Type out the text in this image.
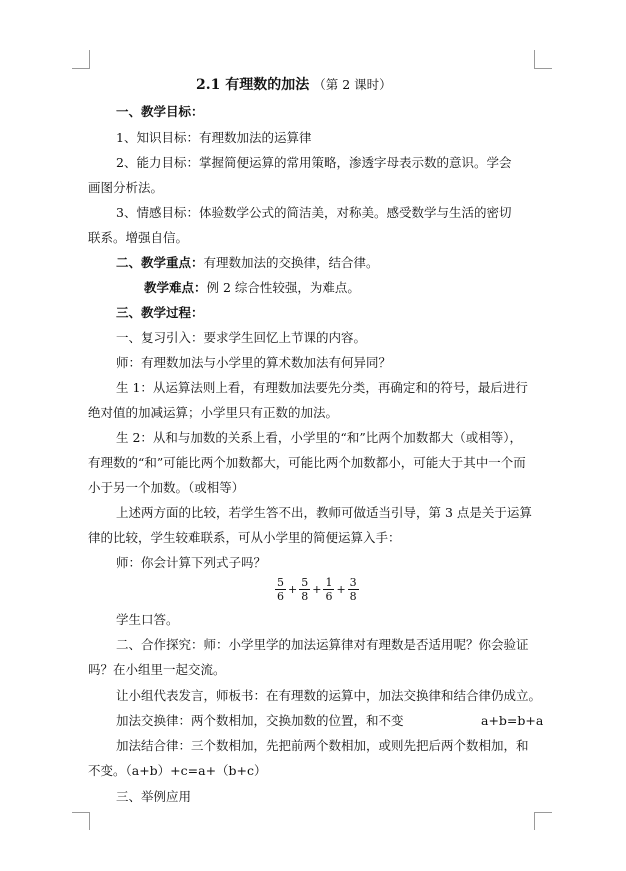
2.1 有理数的加法 （第 2 课时）
一、教学目标：
1、知识目标：有理数加法的运算律
2、能力目标：掌握简便运算的常用策略，渗透字母表示数的意识。学会
画图分析法。
3、情感目标：体验数学公式的简洁美，对称美。感受数学与生活的密切
联系。增强自信。
二、教学重点：有理数加法的交换律，结合律。
教学难点：例 2 综合性较强，为难点。
三、教学过程：
一、复习引入：要求学生回忆上节课的内容。
师：有理数加法与小学里的算术数加法有何异同？
生 1：从运算法则上看，有理数加法要先分类，再确定和的符号，最后进行
绝对值的加减运算；小学里只有正数的加法。
生 2：从和与加数的关系上看，小学里的“和”比两个加数都大（或相等），
有理数的“和”可能比两个加数都大，可能比两个加数都小，可能大于其中一个而
小于另一个加数。（或相等）
上述两方面的比较，若学生答不出，教师可做适当引导，第 3 点是关于运算
律的比较，学生较难联系，可从小学里的简便运算入手：
师：你会计算下列式子吗？
5
6
+
5
8
+
1
6
+
3
8
学生口答。
二、合作探究：师：小学里学的加法运算律对有理数是否适用呢？你会验证
吗？在小组里一起交流。
让小组代表发言，师板书：在有理数的运算中，加法交换律和结合律仍成立。
加法交换律：两个数相加，交换加数的位置，和不变	a+b=b+a
加法结合律：三个数相加，先把前两个数相加，或则先把后两个数相加，和
不变。（a+b）+c=a+（b+c）
三、举例应用
